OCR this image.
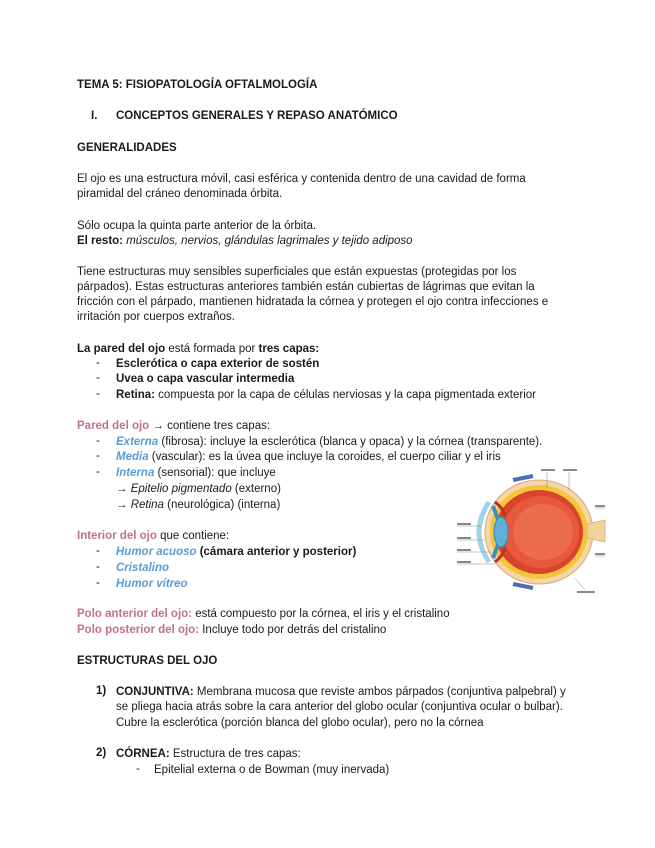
TEMA 5: FISIOPATOLOGÍA OFTALMOLOGÍA
I. CONCEPTOS GENERALES Y REPASO ANATÓMICO
GENERALIDADES
El ojo es una estructura móvil, casi esférica y contenida dentro de una cavidad de forma
piramidal del cráneo denominada órbita.
Sólo ocupa la quinta parte anterior de la órbita.
El resto: músculos, nervios, glándulas lagrimales y tejido adiposo
Tiene estructuras muy sensibles superficiales que están expuestas (protegidas por los
párpados). Estas estructuras anteriores también están cubiertas de lágrimas que evitan la
fricción con el párpado, mantienen hidratada la córnea y protegen el ojo contra infecciones e
irritación por cuerpos extraños.
La pared del ojo está formada por tres capas:
- Esclerótica o capa exterior de sostén
- Uvea o capa vascular intermedia
- Retina: compuesta por la capa de células nerviosas y la capa pigmentada exterior
Pared del ojo → contiene tres capas:
- Externa (fibrosa): incluye la esclerótica (blanca y opaca) y la córnea (transparente).
- Media (vascular): es la úvea que incluye la coroides, el cuerpo ciliar y el iris
- Interna (sensorial): que incluye
→ Epitelio pigmentado (externo)
→ Retina (neurológica) (interna)
Interior del ojo que contiene:
- Humor acuoso (cámara anterior y posterior)
- Cristalino
- Humor vítreo
Polo anterior del ojo: está compuesto por la córnea, el iris y el cristalino
Polo posterior del ojo: Incluye todo por detrás del cristalino
ESTRUCTURAS DEL OJO
1) CONJUNTIVA: Membrana mucosa que reviste ambos párpados (conjuntiva palpebral) y
se pliega hacia atrás sobre la cara anterior del globo ocular (conjuntiva ocular o bulbar).
Cubre la esclerótica (porción blanca del globo ocular), pero no la córnea
2) CÓRNEA: Estructura de tres capas:
- Epitelial externa o de Bowman (muy inervada)
